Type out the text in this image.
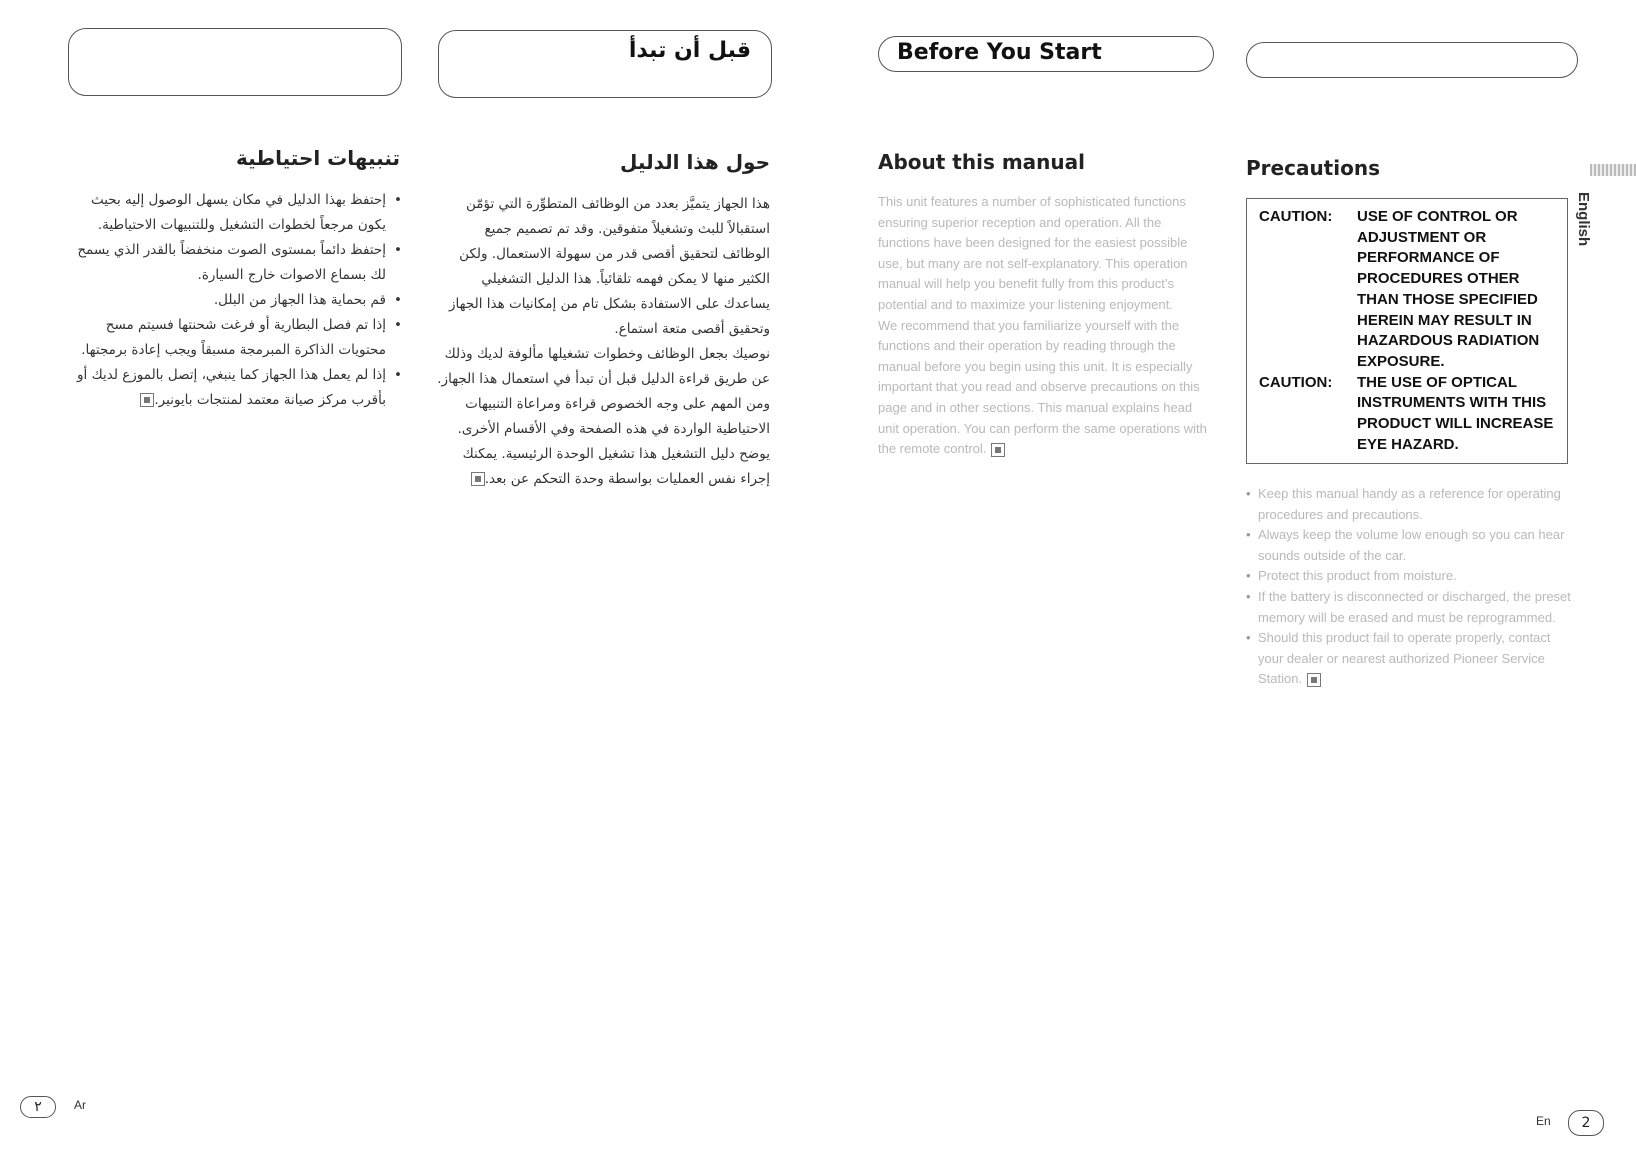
قبل أن تبدأ	Before You Start
تنبيهات احتياطية
• إحتفظ بهذا الدليل في مكان يسهل الوصول إليه بحيث يكون مرجعاً لخطوات التشغيل وللتنبيهات الاحتياطية.
• إحتفظ دائماً بمستوى الصوت منخفضاً بالقدر الذي يسمح لك بسماع الاصوات خارج السيارة.
• قم بحماية هذا الجهاز من البلل.
• إذا تم فصل البطارية أو فرغت شحنتها فسيتم مسح محتويات الذاكرة المبرمجة مسبقاً ويجب إعادة برمجتها.
• إذا لم يعمل هذا الجهاز كما ينبغي، إتصل بالموزع لديك أو بأقرب مركز صيانة معتمد لمنتجات بايونير.
حول هذا الدليل

هذا الجهاز يتميَّز بعدد من الوظائف المتطوِّرة التي تؤمّن استقبالاً للبث وتشغيلاً متفوقين. وقد تم تصميم جميع الوظائف لتحقيق أقصى قدر من سهولة الاستعمال. ولكن الكثير منها لا يمكن فهمه تلقائياً. هذا الدليل التشغيلي يساعدك على الاستفادة بشكل تام من إمكانيات هذا الجهاز وتحقيق أقصى متعة استماع.

نوصيك بجعل الوظائف وخطوات تشغيلها مألوفة لديك وذلك عن طريق قراءة الدليل قبل أن تبدأ في استعمال هذا الجهاز. ومن المهم على وجه الخصوص قراءة ومراعاة التنبيهات الاحتياطية الواردة في هذه الصفحة وفي الأقسام الأخرى. يوضح دليل التشغيل هذا تشغيل الوحدة الرئيسية. يمكنك إجراء نفس العمليات بواسطة وحدة التحكم عن بعد.

About this manual

This unit features a number of sophisticated functions ensuring superior reception and operation. All the functions have been designed for the easiest possible use, but many are not self-explanatory. This operation manual will help you benefit fully from this product’s potential and to maximize your listening enjoyment.

We recommend that you familiarize yourself with the functions and their operation by reading through the manual before you begin using this unit. It is especially important that you read and observe precautions on this page and in other sections. This manual explains head unit operation. You can perform the same operations with the remote control.

Precautions
CAUTION:	USE OF CONTROL OR ADJUSTMENT OR PERFORMANCE OF PROCEDURES OTHER THAN THOSE SPECIFIED HEREIN MAY RESULT IN HAZARDOUS RADIATION EXPOSURE.
CAUTION:	THE USE OF OPTICAL INSTRUMENTS WITH THIS PRODUCT WILL INCREASE EYE HAZARD.
• Keep this manual handy as a reference for operating procedures and precautions.
• Always keep the volume low enough so you can hear sounds outside of the car.
• Protect this product from moisture.
• If the battery is disconnected or discharged, the preset memory will be erased and must be reprogrammed.
• Should this product fail to operate properly, contact your dealer or nearest authorized Pioneer Service Station.
English
٢	Ar
En	2
